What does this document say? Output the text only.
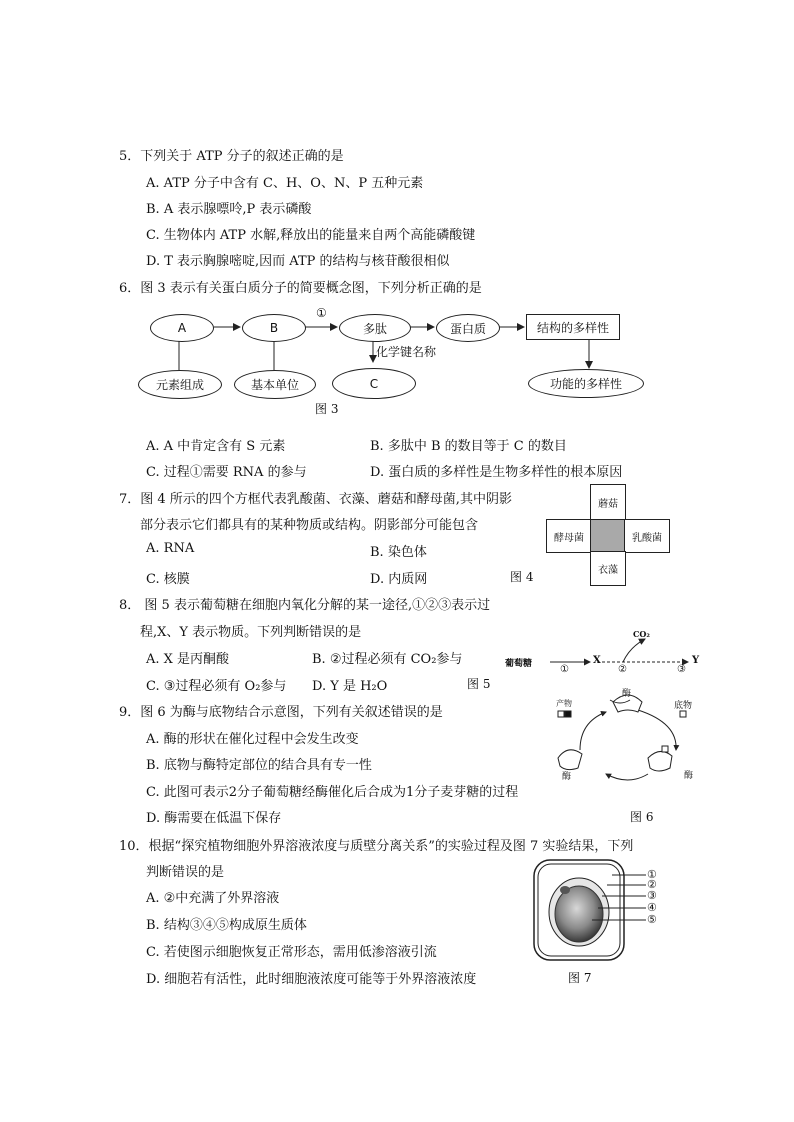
5．下列关于 ATP 分子的叙述正确的是
A. ATP 分子中含有 C、H、O、N、P 五种元素
B. A 表示腺嘌呤,P 表示磷酸
C. 生物体内 ATP 水解,释放出的能量来自两个高能磷酸键
D. T 表示胸腺嘧啶,因而 ATP 的结构与核苷酸很相似
6．图 3 表示有关蛋白质分子的简要概念图，下列分析正确的是
A	B
①
多肽	蛋白质	结构的多样性
元素组成	基本单位
化学键名称
C	功能的多样性
图 3
A. A 中肯定含有 S 元素	B. 多肽中 B 的数目等于 C 的数目
C. 过程①需要 RNA 的参与	D. 蛋白质的多样性是生物多样性的根本原因
7．图 4 所示的四个方框代表乳酸菌、衣藻、蘑菇和酵母菌,其中阴影
部分表示它们都具有的某种物质或结构。阴影部分可能包含
A. RNA	B. 染色体
C. 核膜	D. 内质网	图 4
蘑菇
酵母菌	乳酸菌
衣藻
8． 图 5 表示葡萄糖在细胞内氧化分解的某一途径,①②③表示过
程,X、Y 表示物质。下列判断错误的是
A. X 是丙酮酸	B. ②过程必须有 CO₂参与
C. ③过程必须有 O₂参与 D. Y 是 H₂O	图 5
葡萄糖	①
X
②
CO₂
Y
③
9．图 6 为酶与底物结合示意图，下列有关叙述错误的是
A. 酶的形状在催化过程中会发生改变
B. 底物与酶特定部位的结合具有专一性
C. 此图可表示2分子葡萄糖经酶催化后合成为1分子麦芽糖的过程
D. 酶需要在低温下保存	图 6
酶
产物	底物
酶	酶
10．根据“探究植物细胞外界溶液浓度与质壁分离关系”的实验过程及图 7 实验结果，下列
判断错误的是
A. ②中充满了外界溶液
B. 结构③④⑤构成原生质体
C. 若使图示细胞恢复正常形态，需用低渗溶液引流
D. 细胞若有活性，此时细胞液浓度可能等于外界溶液浓度	图 7
①
②
③
④
⑤
